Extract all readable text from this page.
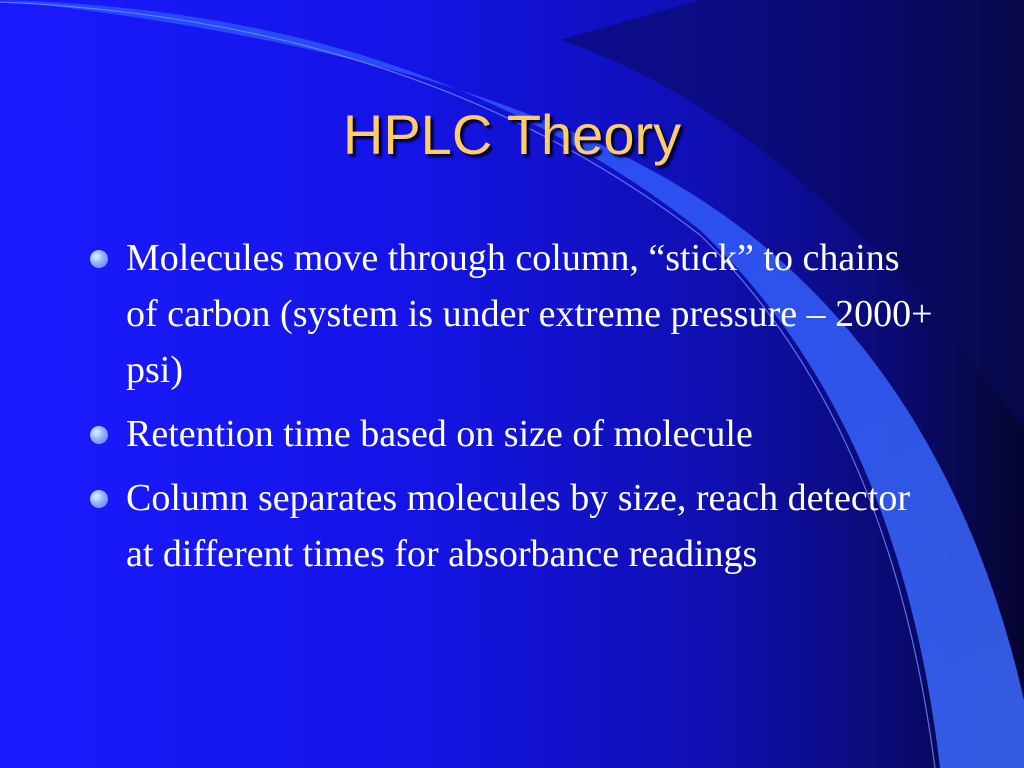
HPLC Theory
Molecules move through column, “stick” to chains of carbon (system is under extreme pressure – 2000+ psi)
Retention time based on size of molecule
Column separates molecules by size, reach detector at different times for absorbance readings
